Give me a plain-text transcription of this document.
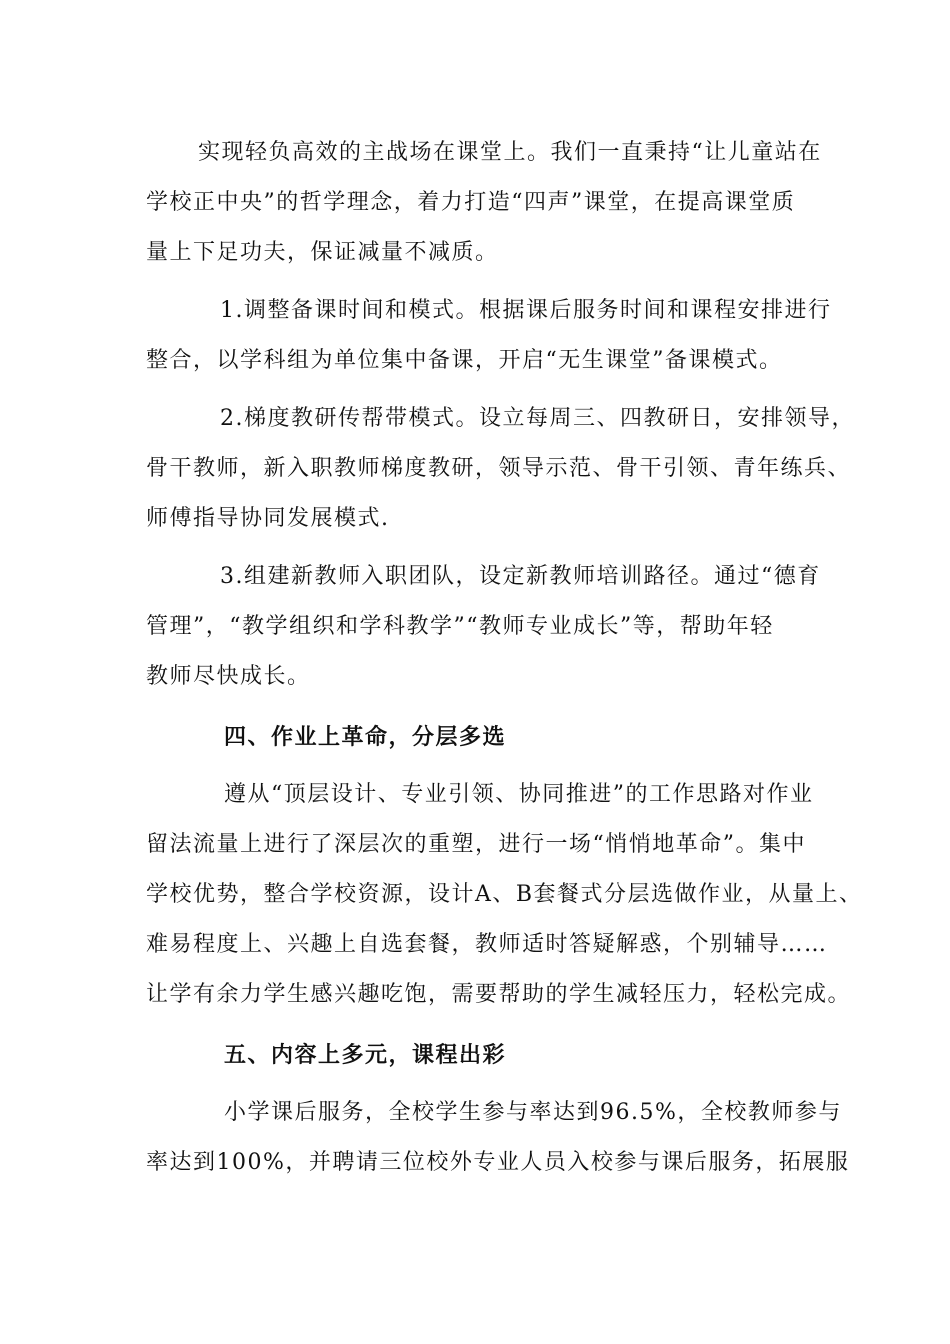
实现轻负高效的主战场在课堂上。我们一直秉持“让儿童站在
学校正中央”的哲学理念，着力打造“四声”课堂，在提高课堂质
量上下足功夫，保证减量不减质。
1.调整备课时间和模式。根据课后服务时间和课程安排进行
整合，以学科组为单位集中备课，开启“无生课堂”备课模式。
2.梯度教研传帮带模式。设立每周三、四教研日，安排领导，
骨干教师，新入职教师梯度教研，领导示范、骨干引领、青年练兵、
师傅指导协同发展模式.
3.组建新教师入职团队，设定新教师培训路径。通过“德育
管理”，“教学组织和学科教学”“教师专业成长”等，帮助年轻
教师尽快成长。
四、作业上革命，分层多选
遵从“顶层设计、专业引领、协同推进”的工作思路对作业
留法流量上进行了深层次的重塑，进行一场“悄悄地革命”。集中
学校优势，整合学校资源，设计A、B套餐式分层选做作业，从量上、
难易程度上、兴趣上自选套餐，教师适时答疑解惑，个别辅导……
让学有余力学生感兴趣吃饱，需要帮助的学生减轻压力，轻松完成。
五、内容上多元，课程出彩
小学课后服务，全校学生参与率达到96.5%，全校教师参与
率达到100%，并聘请三位校外专业人员入校参与课后服务，拓展服
